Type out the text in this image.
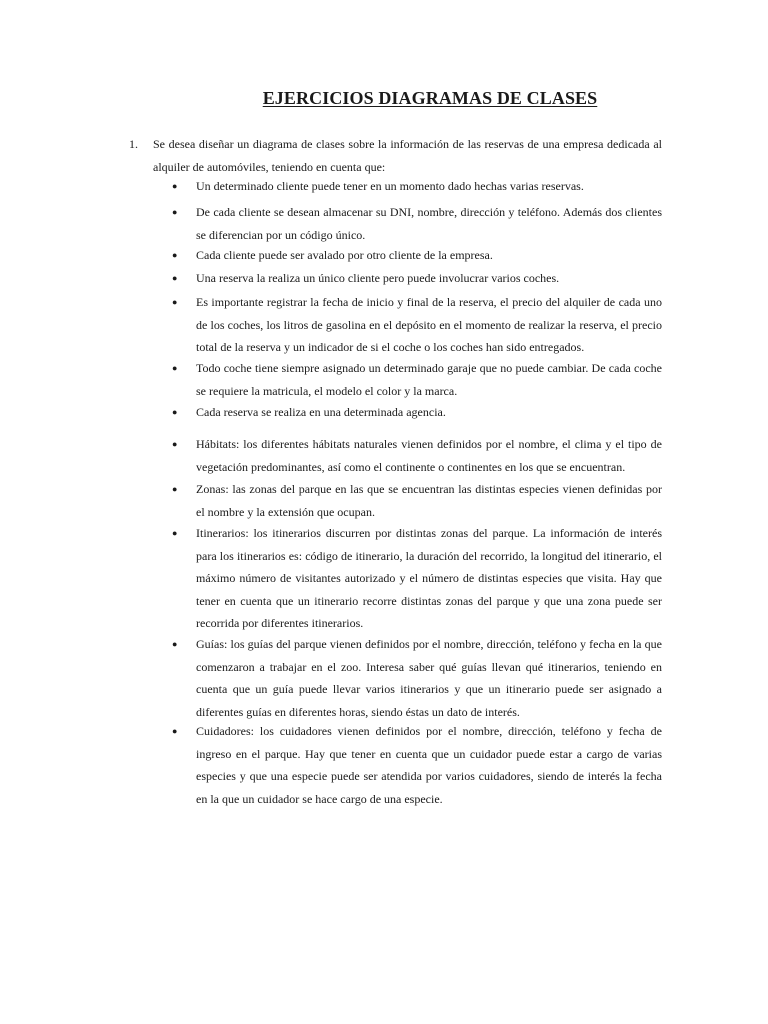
EJERCICIOS DIAGRAMAS DE CLASES
1.	Se desea diseñar un diagrama de clases sobre la información de las reservas de una empresa dedicada al alquiler de automóviles, teniendo en cuenta que:
●	Un determinado cliente puede tener en un momento dado hechas varias reservas.
●	De cada cliente se desean almacenar su DNI, nombre, dirección y teléfono. Además dos clientes se diferencian por un código único.
●	Cada cliente puede ser avalado por otro cliente de la empresa.
●	Una reserva la realiza un único cliente pero puede involucrar varios coches.
●	Es importante registrar la fecha de inicio y final de la reserva, el precio del alquiler de cada uno de los coches, los litros de gasolina en el depósito en el momento de realizar la reserva, el precio total de la reserva y un indicador de si el coche o los coches han sido entregados.
●	Todo coche tiene siempre asignado un determinado garaje que no puede cambiar. De cada coche se requiere la matricula, el modelo el color y la marca.
●	Cada reserva se realiza en una determinada agencia.
●	Hábitats: los diferentes hábitats naturales vienen definidos por el nombre, el clima y el tipo de vegetación predominantes, así como el continente o continentes en los que se encuentran.
●	Zonas: las zonas del parque en las que se encuentran las distintas especies vienen definidas por el nombre y la extensión que ocupan.
●	Itinerarios: los itinerarios discurren por distintas zonas del parque. La información de interés para los itinerarios es: código de itinerario, la duración del recorrido, la longitud del itinerario, el máximo número de visitantes autorizado y el número de distintas especies que visita. Hay que tener en cuenta que un itinerario recorre distintas zonas del parque y que una zona puede ser recorrida por diferentes itinerarios.
●	Guías: los guías del parque vienen definidos por el nombre, dirección, teléfono y fecha en la que comenzaron a trabajar en el zoo. Interesa saber qué guías llevan qué itinerarios, teniendo en cuenta que un guía puede llevar varios itinerarios y que un itinerario puede ser asignado a diferentes guías en diferentes horas, siendo éstas un dato de interés.
●	Cuidadores: los cuidadores vienen definidos por el nombre, dirección, teléfono y fecha de ingreso en el parque. Hay que tener en cuenta que un cuidador puede estar a cargo de varias especies y que una especie puede ser atendida por varios cuidadores, siendo de interés la fecha en la que un cuidador se hace cargo de una especie.
